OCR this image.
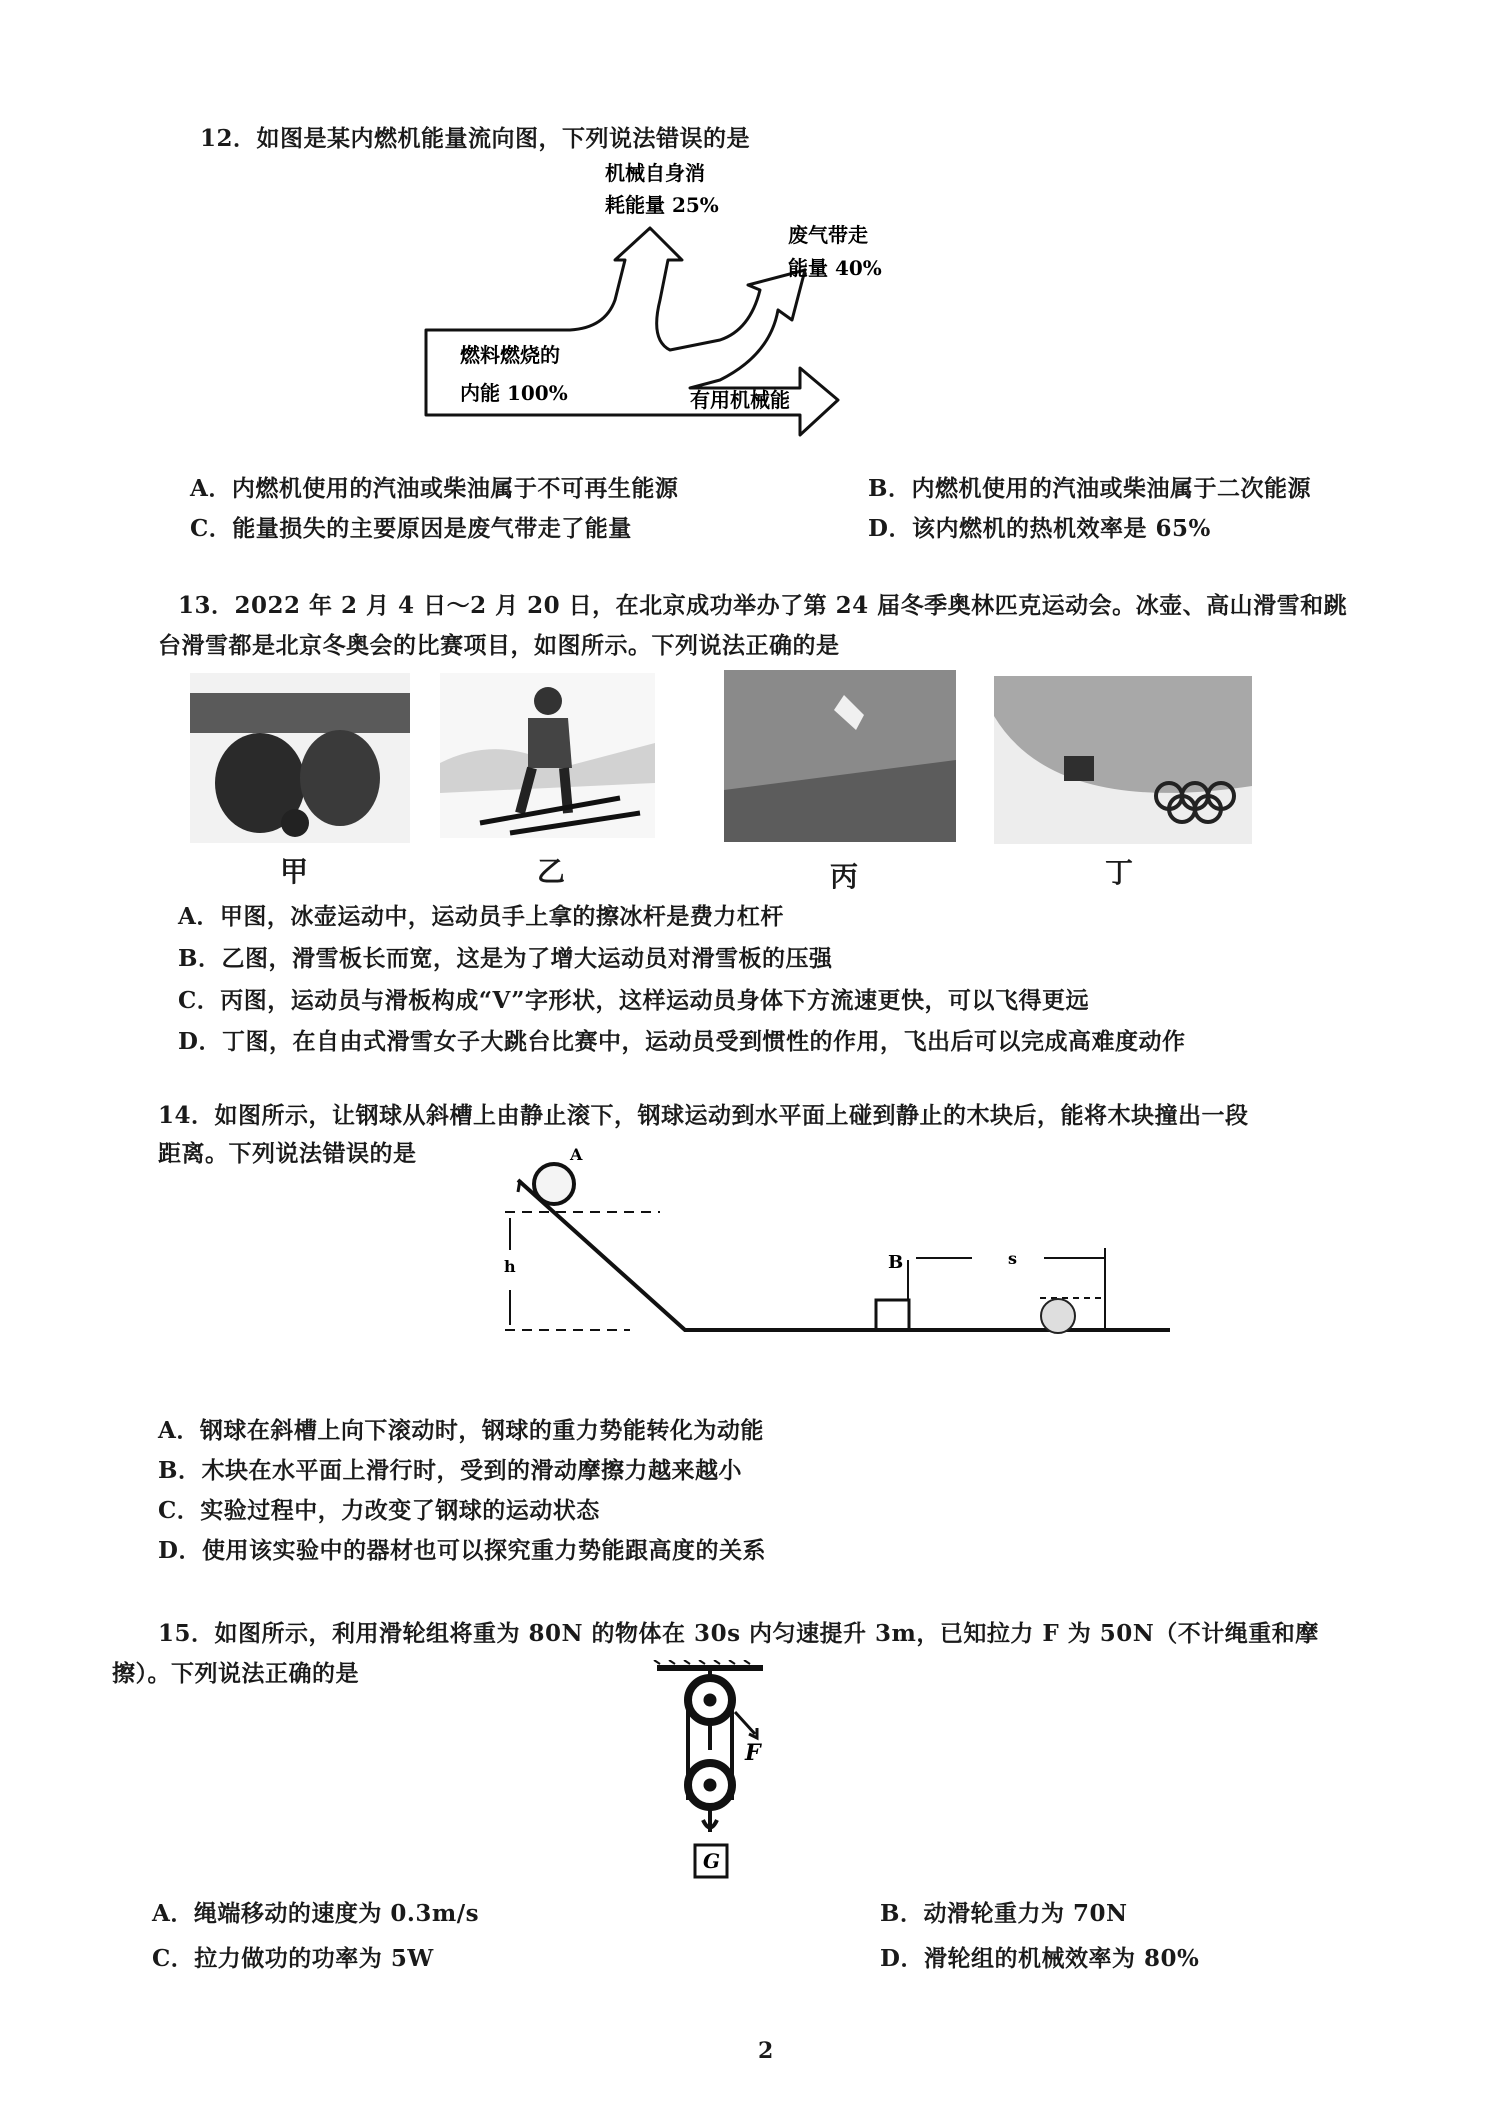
12．如图是某内燃机能量流向图，下列说法错误的是
机械自身消
耗能量 25%
废气带走
能量 40%
燃料燃烧的
内能 100%	有用机械能
A．内燃机使用的汽油或柴油属于不可再生能源	B．内燃机使用的汽油或柴油属于二次能源
C．能量损失的主要原因是废气带走了能量	D．该内燃机的热机效率是 65%
13．2022 年 2 月 4 日～2 月 20 日，在北京成功举办了第 24 届冬季奥林匹克运动会。冰壶、高山滑雪和跳
台滑雪都是北京冬奥会的比赛项目，如图所示。下列说法正确的是
甲	乙	丙	丁
A．甲图，冰壶运动中，运动员手上拿的擦冰杆是费力杠杆
B．乙图，滑雪板长而宽，这是为了增大运动员对滑雪板的压强
C．丙图，运动员与滑板构成“V”字形状，这样运动员身体下方流速更快，可以飞得更远
D．丁图，在自由式滑雪女子大跳台比赛中，运动员受到惯性的作用，飞出后可以完成高难度动作
14．如图所示，让钢球从斜槽上由静止滚下，钢球运动到水平面上碰到静止的木块后，能将木块撞出一段
距离。下列说法错误的是	A
h	B	s
A．钢球在斜槽上向下滚动时，钢球的重力势能转化为动能
B．木块在水平面上滑行时，受到的滑动摩擦力越来越小
C．实验过程中，力改变了钢球的运动状态
D．使用该实验中的器材也可以探究重力势能跟高度的关系
15．如图所示，利用滑轮组将重为 80N 的物体在 30s 内匀速提升 3m，已知拉力 F 为 50N（不计绳重和摩
擦）。下列说法正确的是
F
G
A．绳端移动的速度为 0.3m/s	B．动滑轮重力为 70N
C．拉力做功的功率为 5W	D．滑轮组的机械效率为 80%
2
